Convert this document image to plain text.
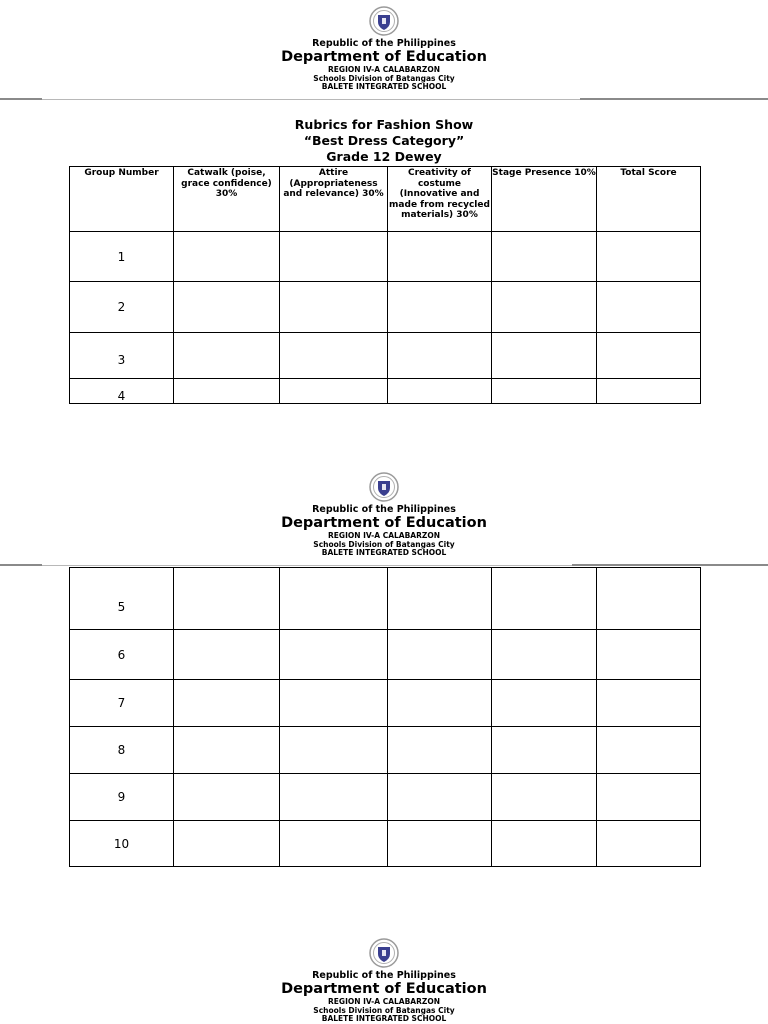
Republic of the Philippines
Department of Education
REGION IV-A CALABARZON
Schools Division of Batangas City
BALETE INTEGRATED SCHOOL
Rubrics for Fashion Show
“Best Dress Category”
Grade 12 Dewey
Group Number	Catwalk (poise, grace confidence) 30%	Attire (Appropriateness and relevance) 30%	Creativity of costume (Innovative and made from recycled materials) 30%	Stage Presence 10%	Total Score
1					
2					
3					
4					
Republic of the Philippines
Department of Education
REGION IV-A CALABARZON
Schools Division of Batangas City
BALETE INTEGRATED SCHOOL
5					
6					
7					
8					
9					
10					
Republic of the Philippines
Department of Education
REGION IV-A CALABARZON
Schools Division of Batangas City
BALETE INTEGRATED SCHOOL
